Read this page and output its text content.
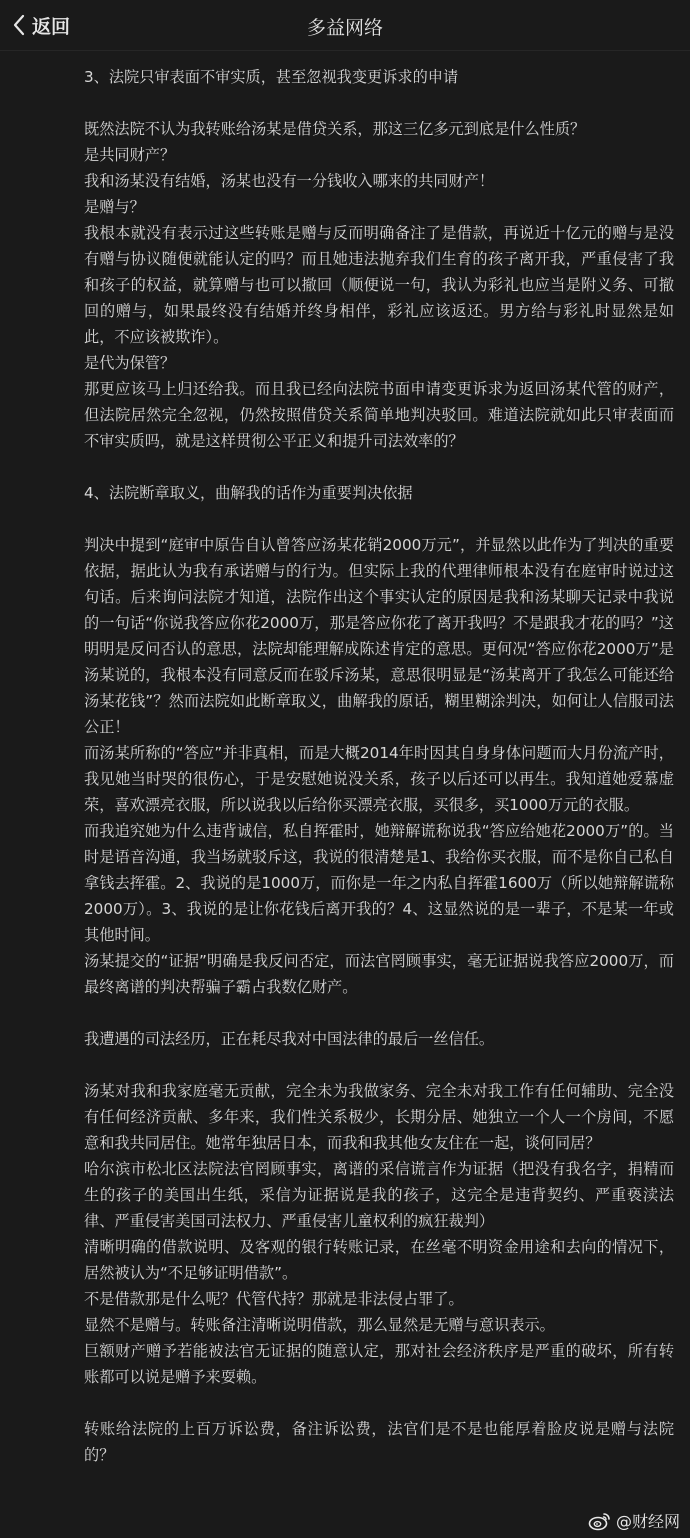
返回	多益网络

3、法院只审表面不审实质，甚至忽视我变更诉求的申请

既然法院不认为我转账给汤某是借贷关系，那这三亿多元到底是什么性质？

是共同财产？

我和汤某没有结婚，汤某也没有一分钱收入哪来的共同财产！

是赠与？

我根本就没有表示过这些转账是赠与反而明确备注了是借款，再说近十亿元的赠与是没有赠与协议随便就能认定的吗？而且她违法抛弃我们生育的孩子离开我，严重侵害了我和孩子的权益，就算赠与也可以撤回（顺便说一句，我认为彩礼也应当是附义务、可撤回的赠与，如果最终没有结婚并终身相伴，彩礼应该返还。男方给与彩礼时显然是如此，不应该被欺诈）。

是代为保管？

那更应该马上归还给我。而且我已经向法院书面申请变更诉求为返回汤某代管的财产，但法院居然完全忽视，仍然按照借贷关系简单地判决驳回。难道法院就如此只审表面而不审实质吗，就是这样贯彻公平正义和提升司法效率的？

4、法院断章取义，曲解我的话作为重要判决依据

判决中提到“庭审中原告自认曾答应汤某花销2000万元”，并显然以此作为了判决的重要依据，据此认为我有承诺赠与的行为。但实际上我的代理律师根本没有在庭审时说过这句话。后来询问法院才知道，法院作出这个事实认定的原因是我和汤某聊天记录中我说的一句话“你说我答应你花2000万，那是答应你花了离开我吗？不是跟我才花的吗？”这明明是反问否认的意思，法院却能理解成陈述肯定的意思。更何况“答应你花2000万”是汤某说的，我根本没有同意反而在驳斥汤某，意思很明显是“汤某离开了我怎么可能还给汤某花钱”？然而法院如此断章取义，曲解我的原话，糊里糊涂判决，如何让人信服司法公正！

而汤某所称的“答应”并非真相，而是大概2014年时因其自身身体问题而大月份流产时，我见她当时哭的很伤心，于是安慰她说没关系，孩子以后还可以再生。我知道她爱慕虚荣，喜欢漂亮衣服，所以说我以后给你买漂亮衣服，买很多，买1000万元的衣服。

而我追究她为什么违背诚信，私自挥霍时，她辩解谎称说我“答应给她花2000万”的。当时是语音沟通，我当场就驳斥这，我说的很清楚是1、我给你买衣服，而不是你自己私自拿钱去挥霍。2、我说的是1000万，而你是一年之内私自挥霍1600万（所以她辩解谎称2000万）。3、我说的是让你花钱后离开我的？4、这显然说的是一辈子，不是某一年或其他时间。

汤某提交的“证据”明确是我反问否定，而法官罔顾事实，毫无证据说我答应2000万，而最终离谱的判决帮骗子霸占我数亿财产。

我遭遇的司法经历，正在耗尽我对中国法律的最后一丝信任。

汤某对我和我家庭毫无贡献，完全未为我做家务、完全未对我工作有任何辅助、完全没有任何经济贡献、多年来，我们性关系极少，长期分居、她独立一个人一个房间，不愿意和我共同居住。她常年独居日本，而我和我其他女友住在一起，谈何同居？

哈尔滨市松北区法院法官罔顾事实，离谱的采信谎言作为证据（把没有我名字，捐精而生的孩子的美国出生纸，采信为证据说是我的孩子，这完全是违背契约、严重亵渎法律、严重侵害美国司法权力、严重侵害儿童权利的疯狂裁判）

清晰明确的借款说明、及客观的银行转账记录，在丝毫不明资金用途和去向的情况下，居然被认为“不足够证明借款”。

不是借款那是什么呢？代管代持？那就是非法侵占罪了。

显然不是赠与。转账备注清晰说明借款，那么显然是无赠与意识表示。

巨额财产赠予若能被法官无证据的随意认定，那对社会经济秩序是严重的破坏，所有转账都可以说是赠予来耍赖。

转账给法院的上百万诉讼费，备注诉讼费，法官们是不是也能厚着脸皮说是赠与法院的？

@财经网
